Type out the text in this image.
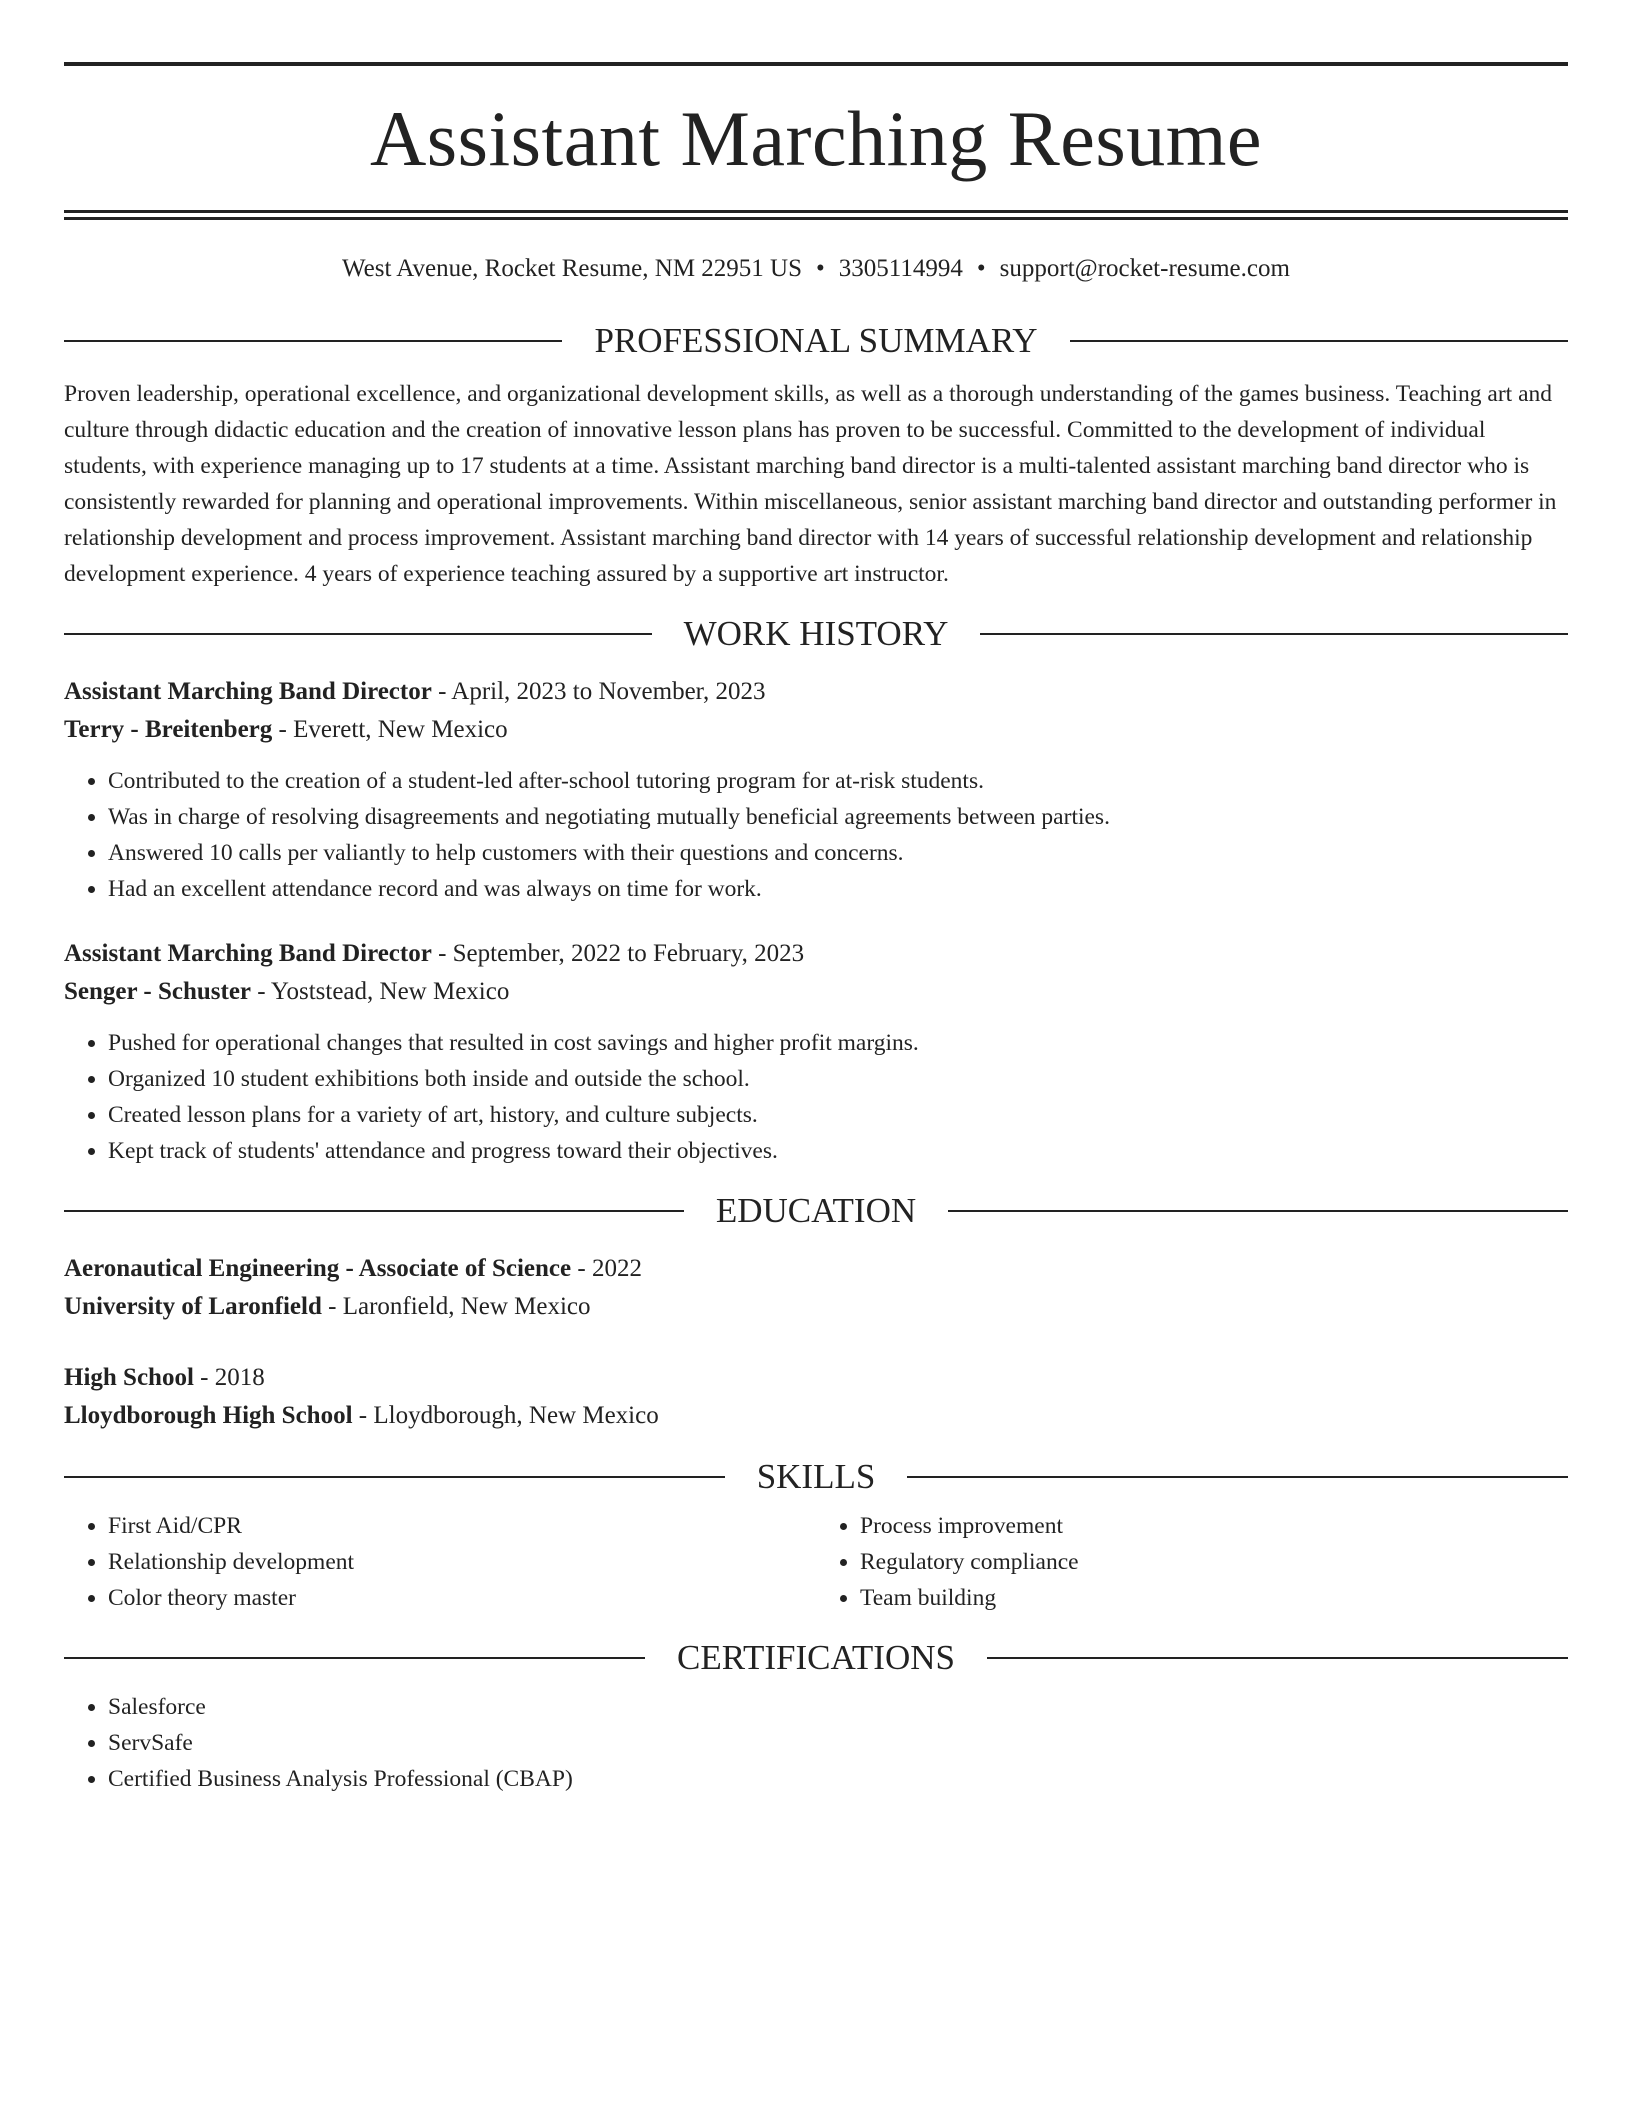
Assistant Marching Resume
West Avenue, Rocket Resume, NM 22951 US • 3305114994 • support@rocket-resume.com
PROFESSIONAL SUMMARY
Proven leadership, operational excellence, and organizational development skills, as well as a thorough understanding of the games business. Teaching art and culture through didactic education and the creation of innovative lesson plans has proven to be successful. Committed to the development of individual students, with experience managing up to 17 students at a time. Assistant marching band director is a multi-talented assistant marching band director who is consistently rewarded for planning and operational improvements. Within miscellaneous, senior assistant marching band director and outstanding performer in relationship development and process improvement. Assistant marching band director with 14 years of successful relationship development and relationship development experience. 4 years of experience teaching assured by a supportive art instructor.
WORK HISTORY
Assistant Marching Band Director - April, 2023 to November, 2023
Terry - Breitenberg - Everett, New Mexico
• Contributed to the creation of a student-led after-school tutoring program for at-risk students.
• Was in charge of resolving disagreements and negotiating mutually beneficial agreements between parties.
• Answered 10 calls per valiantly to help customers with their questions and concerns.
• Had an excellent attendance record and was always on time for work.
Assistant Marching Band Director - September, 2022 to February, 2023
Senger - Schuster - Yoststead, New Mexico
• Pushed for operational changes that resulted in cost savings and higher profit margins.
• Organized 10 student exhibitions both inside and outside the school.
• Created lesson plans for a variety of art, history, and culture subjects.
• Kept track of students' attendance and progress toward their objectives.
EDUCATION
Aeronautical Engineering - Associate of Science - 2022
University of Laronfield - Laronfield, New Mexico
High School - 2018
Lloydborough High School - Lloydborough, New Mexico
SKILLS
• First Aid/CPR
• Relationship development
• Color theory master
• Process improvement
• Regulatory compliance
• Team building
CERTIFICATIONS
• Salesforce
• ServSafe
• Certified Business Analysis Professional (CBAP)
